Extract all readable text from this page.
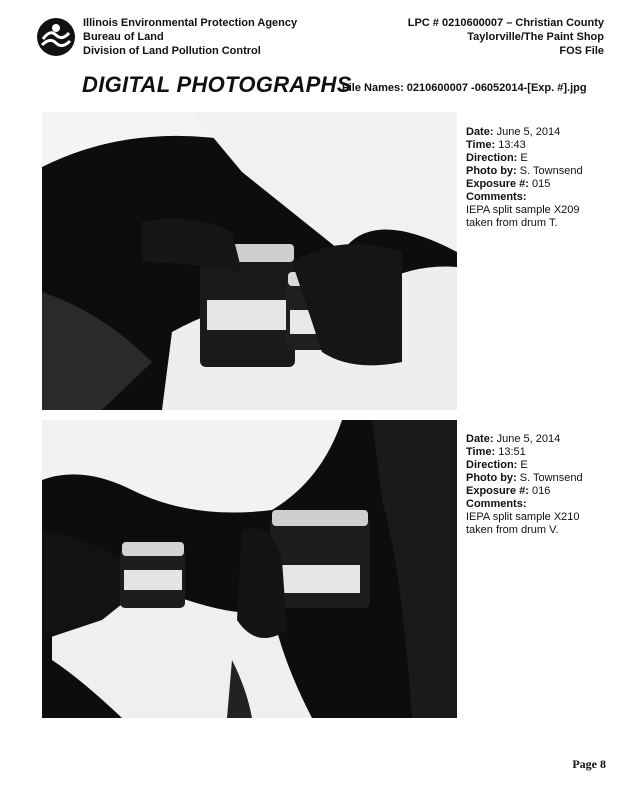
Illinois Environmental Protection Agency
Bureau of Land
Division of Land Pollution Control
LPC # 0210600007 – Christian County
Taylorville/The Paint Shop
FOS File
DIGITAL PHOTOGRAPHS
File Names: 0210600007 -06052014-[Exp. #].jpg
Date: June 5, 2014
Time: 13:43
Direction: E
Photo by: S. Townsend
Exposure #: 015
Comments:
IEPA split sample X209
taken from drum T.
Date: June 5, 2014
Time: 13:51
Direction: E
Photo by: S. Townsend
Exposure #: 016
Comments:
IEPA split sample X210
taken from drum V.
Page 8
